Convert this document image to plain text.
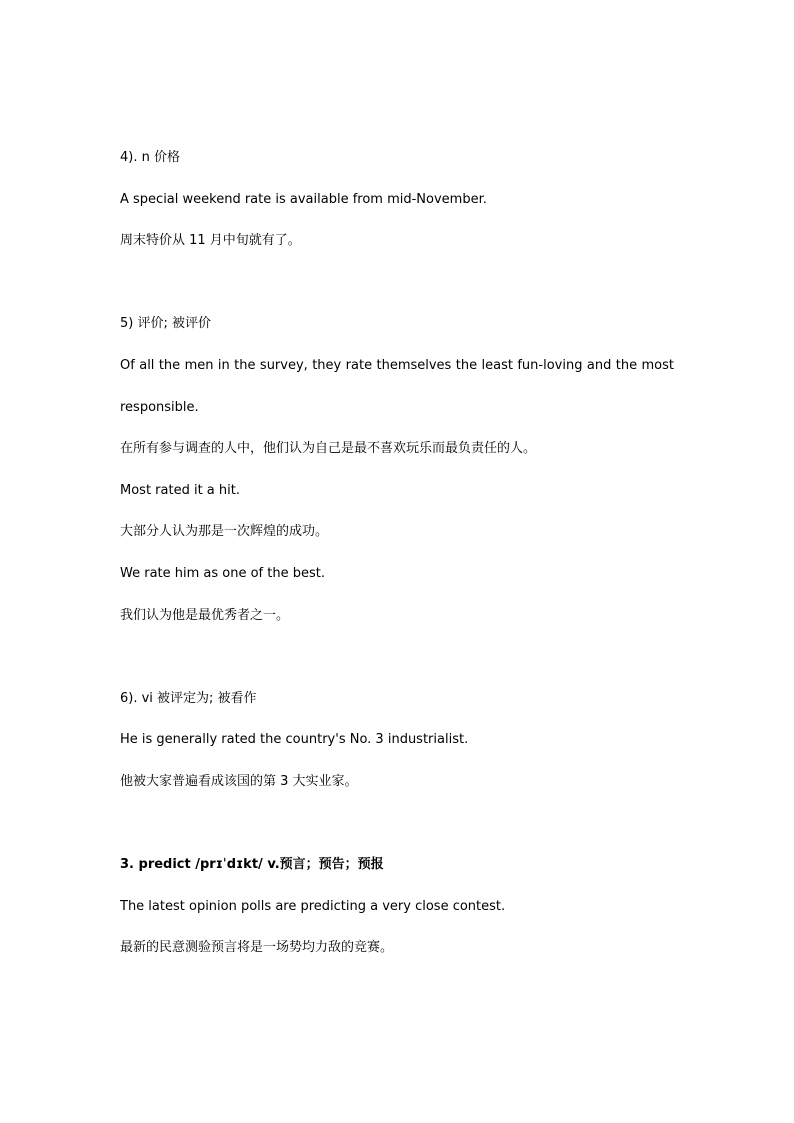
4). n 价格

A special weekend rate is available from mid-November.

周末特价从 11 月中旬就有了。

5) 评价; 被评价

Of all the men in the survey, they rate themselves the least fun-loving and the most

responsible.

在所有参与调查的人中，他们认为自己是最不喜欢玩乐而最负责任的人。

Most rated it a hit.

大部分人认为那是一次辉煌的成功。

We rate him as one of the best.

我们认为他是最优秀者之一。

6). vi 被评定为; 被看作

He is generally rated the country's No. 3 industrialist.

他被大家普遍看成该国的第 3 大实业家。

3. predict /prɪˈdɪkt/ v.预言；预告；预报

The latest opinion polls are predicting a very close contest.

最新的民意测验预言将是一场势均力敌的竞赛。
